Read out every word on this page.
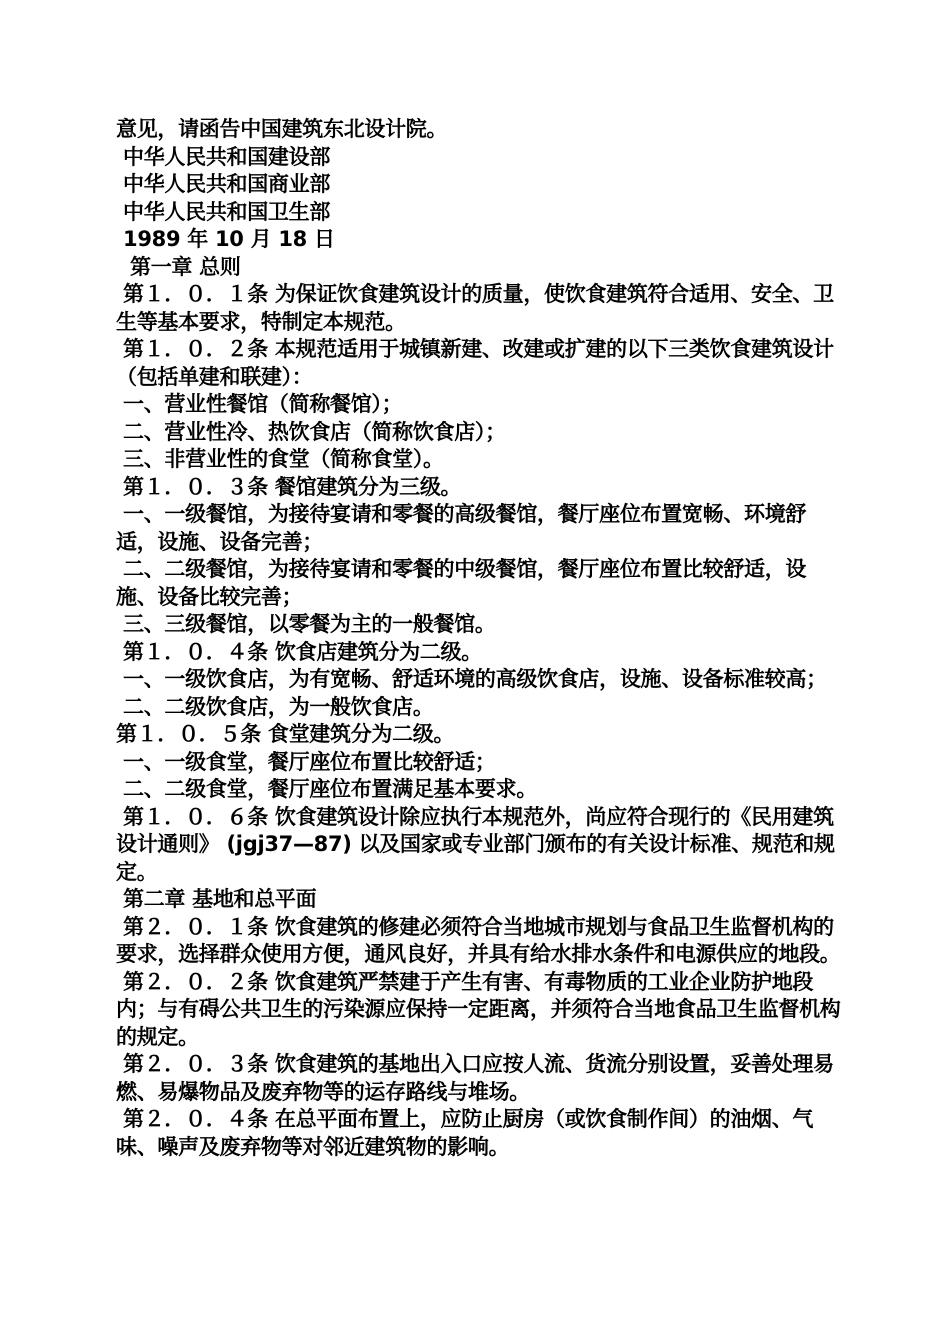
意见，请函告中国建筑东北设计院。

中华人民共和国建设部

中华人民共和国商业部

中华人民共和国卫生部

1989 年 10 月 18 日

第一章 总则

第１．０．１条 为保证饮食建筑设计的质量，使饮食建筑符合适用、安全、卫生等基本要求，特制定本规范。

第１．０．２条 本规范适用于城镇新建、改建或扩建的以下三类饮食建筑设计（包括单建和联建）：

一、营业性餐馆（简称餐馆）；

二、营业性冷、热饮食店（简称饮食店）；

三、非营业性的食堂（简称食堂）。

第１．０．３条 餐馆建筑分为三级。

一、一级餐馆，为接待宴请和零餐的高级餐馆，餐厅座位布置宽畅、环境舒适，设施、设备完善；

二、二级餐馆，为接待宴请和零餐的中级餐馆，餐厅座位布置比较舒适，设施、设备比较完善；

三、三级餐馆，以零餐为主的一般餐馆。

第１．０．４条 饮食店建筑分为二级。

一、一级饮食店，为有宽畅、舒适环境的高级饮食店，设施、设备标准较高；

二、二级饮食店，为一般饮食店。

第１．０．５条 食堂建筑分为二级。

一、一级食堂，餐厅座位布置比较舒适；

二、二级食堂，餐厅座位布置满足基本要求。

第１．０．６条 饮食建筑设计除应执行本规范外，尚应符合现行的《民用建筑设计通则》 (jgj37—87) 以及国家或专业部门颁布的有关设计标准、规范和规定。

第二章 基地和总平面

第２．０．１条 饮食建筑的修建必须符合当地城市规划与食品卫生监督机构的要求，选择群众使用方便，通风良好，并具有给水排水条件和电源供应的地段。

第２．０．２条 饮食建筑严禁建于产生有害、有毒物质的工业企业防护地段内；与有碍公共卫生的污染源应保持一定距离，并须符合当地食品卫生监督机构的规定。

第２．０．３条 饮食建筑的基地出入口应按人流、货流分别设置，妥善处理易燃、易爆物品及废弃物等的运存路线与堆场。

第２．０．４条 在总平面布置上，应防止厨房（或饮食制作间）的油烟、气味、噪声及废弃物等对邻近建筑物的影响。
